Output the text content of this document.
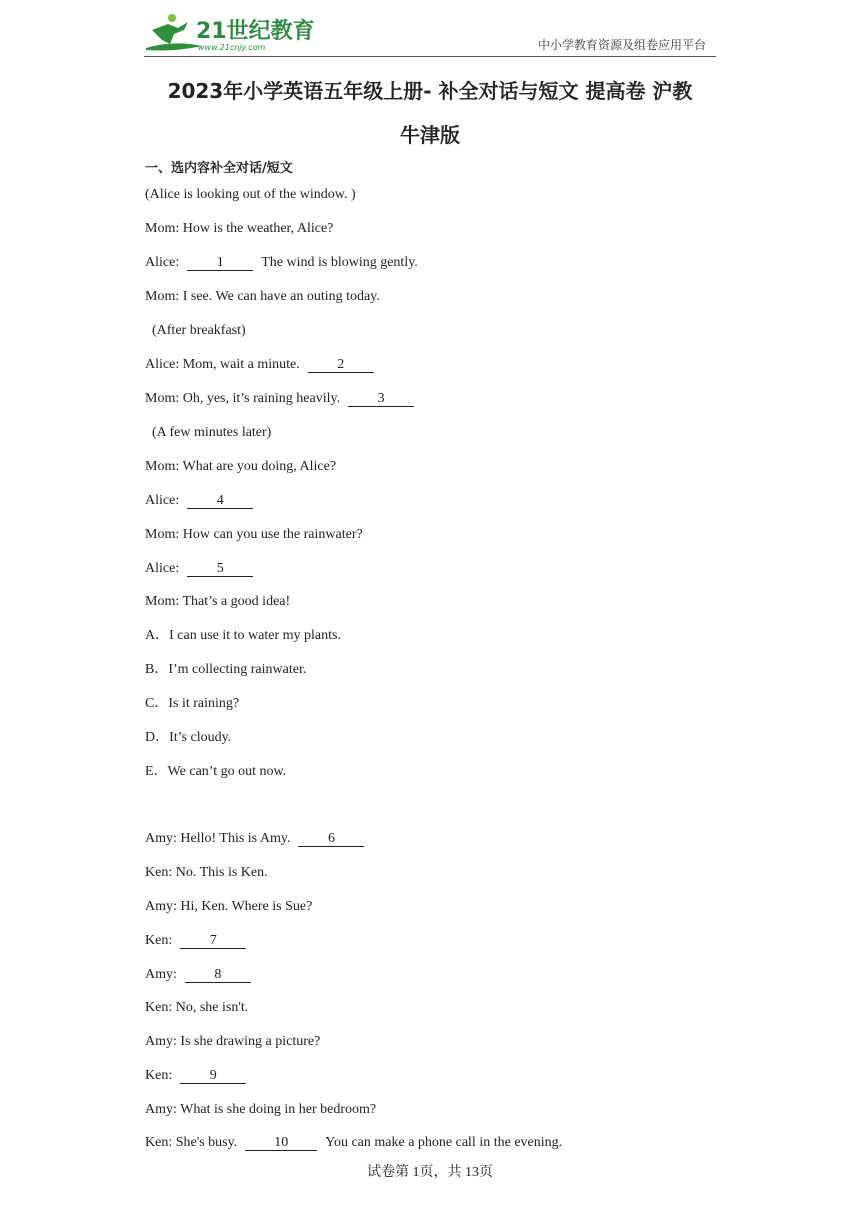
21世纪教育
www.21cnjy.com	中小学教育资源及组卷应用平台
2023年小学英语五年级上册- 补全对话与短文 提高卷 沪教
牛津版
一、选内容补全对话/短文
(Alice is looking out of the window. )
Mom: How is the weather, Alice?
Alice:	1	The wind is blowing gently.
Mom: I see. We can have an outing today.
(After breakfast)
Alice: Mom, wait a minute.	2
Mom: Oh, yes, it’s raining heavily.	3
(A few minutes later)
Mom: What are you doing, Alice?
Alice:	4
Mom: How can you use the rainwater?
Alice:	5
Mom: That’s a good idea!
A．I can use it to water my plants.
B．I’m collecting rainwater.
C．Is it raining?
D．It’s cloudy.
E．We can’t go out now.
Amy: Hello! This is Amy.	6
Ken: No. This is Ken.
Amy: Hi, Ken. Where is Sue?
Ken:	7
Amy:	8
Ken: No, she isn't.
Amy: Is she drawing a picture?
Ken:	9
Amy: What is she doing in her bedroom?
Ken: She's busy.	10	You can make a phone call in the evening.
试卷第 1页，共 13页
